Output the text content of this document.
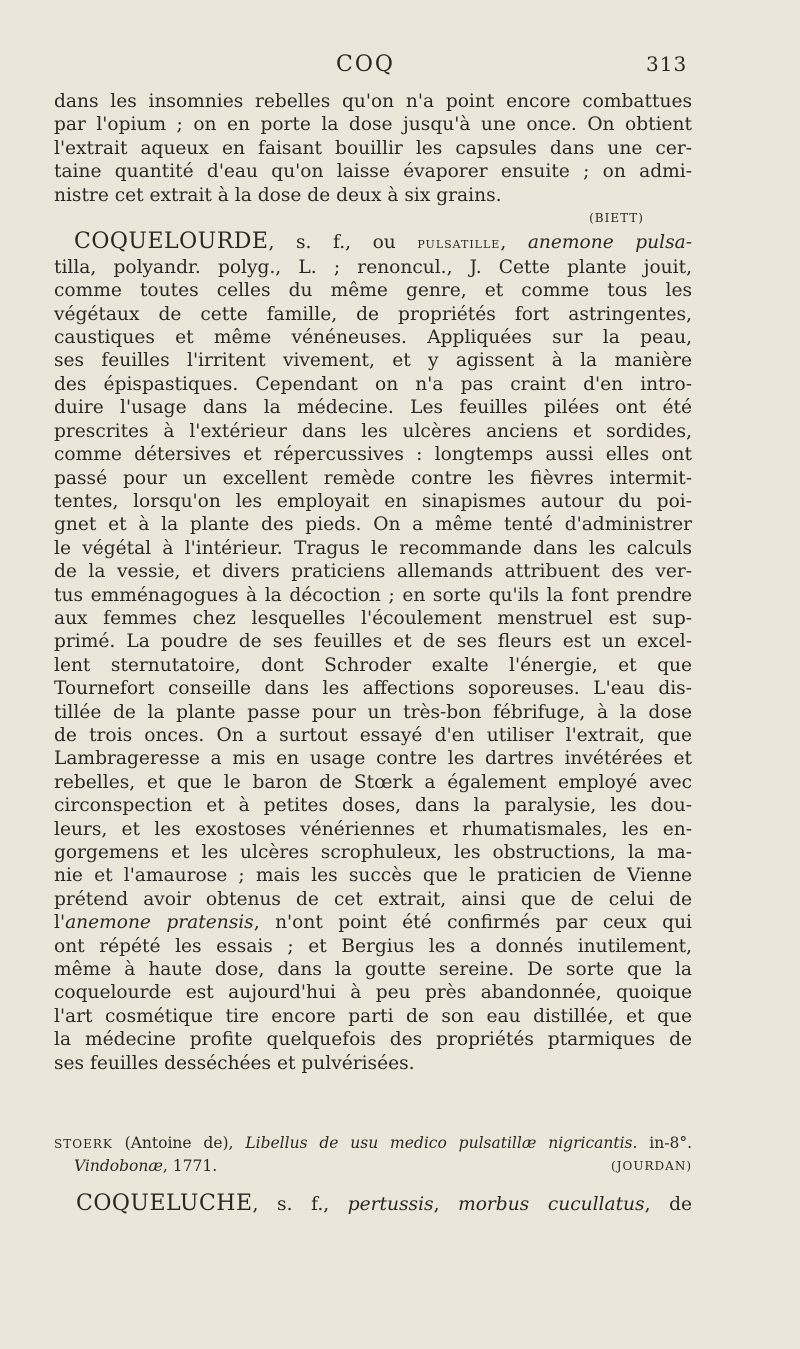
COQ	313

dans les insomnies rebelles qu'on n'a point encore combattues
par l'opium ; on en porte la dose jusqu'à une once. On obtient
l'extrait aqueux en faisant bouillir les capsules dans une cer-
taine quantité d'eau qu'on laisse évaporer ensuite ; on admi-
nistre cet extrait à la dose de deux à six grains.

(BIETT)

COQUELOURDE, s. f., ou pulsatille, anemone pulsa-
tilla, polyandr. polyg., L. ; renoncul., J. Cette plante jouit,
comme toutes celles du même genre, et comme tous les
végétaux de cette famille, de propriétés fort astringentes,
caustiques et même vénéneuses. Appliquées sur la peau,
ses feuilles l'irritent vivement, et y agissent à la manière
des épispastiques. Cependant on n'a pas craint d'en intro-
duire l'usage dans la médecine. Les feuilles pilées ont été
prescrites à l'extérieur dans les ulcères anciens et sordides,
comme détersives et répercussives : longtemps aussi elles ont
passé pour un excellent remède contre les fièvres intermit-
tentes, lorsqu'on les employait en sinapismes autour du poi-
gnet et à la plante des pieds. On a même tenté d'administrer
le végétal à l'intérieur. Tragus le recommande dans les calculs
de la vessie, et divers praticiens allemands attribuent des ver-
tus emménagogues à la décoction ; en sorte qu'ils la font prendre
aux femmes chez lesquelles l'écoulement menstruel est sup-
primé. La poudre de ses feuilles et de ses fleurs est un excel-
lent sternutatoire, dont Schroder exalte l'énergie, et que
Tournefort conseille dans les affections soporeuses. L'eau dis-
tillée de la plante passe pour un très-bon fébrifuge, à la dose
de trois onces. On a surtout essayé d'en utiliser l'extrait, que
Lambrageresse a mis en usage contre les dartres invétérées et
rebelles, et que le baron de Stœrk a également employé avec
circonspection et à petites doses, dans la paralysie, les dou-
leurs, et les exostoses vénériennes et rhumatismales, les en-
gorgemens et les ulcères scrophuleux, les obstructions, la ma-
nie et l'amaurose ; mais les succès que le praticien de Vienne
prétend avoir obtenus de cet extrait, ainsi que de celui de
l'anemone pratensis, n'ont point été confirmés par ceux qui
ont répété les essais ; et Bergius les a donnés inutilement,
même à haute dose, dans la goutte sereine. De sorte que la
coquelourde est aujourd'hui à peu près abandonnée, quoique
l'art cosmétique tire encore parti de son eau distillée, et que
la médecine profite quelquefois des propriétés ptarmiques de
ses feuilles desséchées et pulvérisées.

STOERK (Antoine de), Libellus de usu medico pulsatillæ nigricantis. in-8°.
Vindobonæ, 1771.	(JOURDAN)
COQUELUCHE, s. f., pertussis, morbus cucullatus, de
